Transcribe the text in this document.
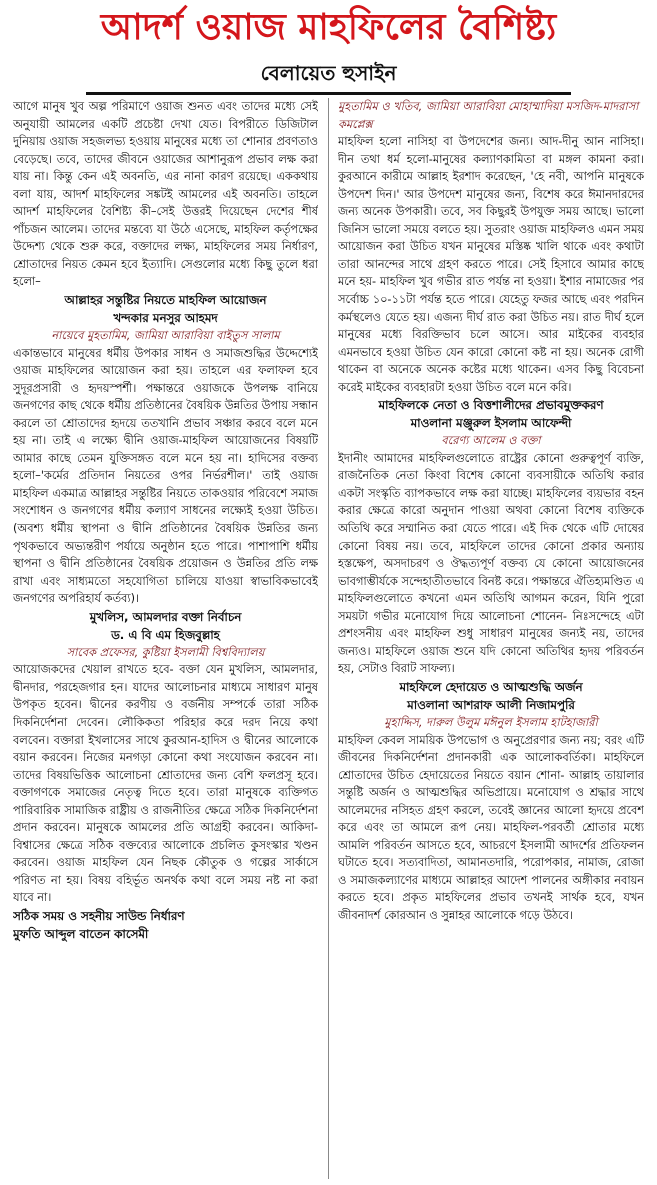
আদর্শ ওয়াজ মাহফিলের বৈশিষ্ট্য

বেলায়েত হুসাইন

আগে মানুষ খুব অল্প পরিমাণে ওয়াজ শুনত এবং তাদের মধ্যে সেই অনুযায়ী আমলের একটি প্রচেষ্টা দেখা যেত। বিপরীতে ডিজিটাল দুনিয়ায় ওয়াজ সহজলভ্য হওয়ায় মানুষের মধ্যে তা শোনার প্রবণতাও বেড়েছে। তবে, তাদের জীবনে ওয়াজের আশানুরূপ প্রভাব লক্ষ করা যায় না। কিন্তু কেন এই অবনতি, এর নানা কারণ রয়েছে। এককথায় বলা যায়, আদর্শ মাহফিলের সঙ্কটই আমলের এই অবনতি। তাহলে আদর্শ মাহফিলের বৈশিষ্ট্য কী–সেই উত্তরই দিয়েছেন দেশের শীর্ষ পাঁচজন আলেম। তাদের মন্তব্যে যা উঠে এসেছে, মাহফিল কর্তৃপক্ষের উদ্দেশ্য থেকে শুরু করে, বক্তাদের লক্ষ্য, মাহফিলের সময় নির্ধারণ, শ্রোতাদের নিয়ত কেমন হবে ইত্যাদি। সেগুলোর মধ্যে কিছু তুলে ধরা হলো–

আল্লাহর সন্তুষ্টির নিয়তে মাহফিল আয়োজন

খন্দকার মনসুর আহমদ

নায়েবে মুহতামিম, জামিয়া আরাবিয়া বাইতুস সালাম

একান্তভাবে মানুষের ধর্মীয় উপকার সাধন ও সমাজশুদ্ধির উদ্দেশ্যেই ওয়াজ মাহফিলের আয়োজন করা হয়। তাহলে এর ফলাফল হবে সুদূরপ্রসারী ও হৃদয়স্পর্শী। পক্ষান্তরে ওয়াজকে উপলক্ষ বানিয়ে জনগণের কাছ থেকে ধর্মীয় প্রতিষ্ঠানের বৈষয়িক উন্নতির উপায় সন্ধান করলে তা শ্রোতাদের হৃদয়ে ততখানি প্রভাব সঞ্চার করবে বলে মনে হয় না। তাই এ লক্ষ্যে দ্বীনি ওয়াজ-মাহফিল আয়োজনের বিষয়টি আমার কাছে তেমন যুক্তিসঙ্গত বলে মনে হয় না। হাদিসের বক্তব্য হলো–'কর্মের প্রতিদান নিয়তের ওপর নির্ভরশীল।' তাই ওয়াজ মাহফিল একমাত্র আল্লাহর সন্তুষ্টির নিয়তে তাকওয়ার পরিবেশে সমাজ সংশোধন ও জনগণের ধর্মীয় কল্যাণ সাধনের লক্ষ্যেই হওয়া উচিত। (অবশ্য ধর্মীয় স্থাপনা ও দ্বীনি প্রতিষ্ঠানের বৈষয়িক উন্নতির জন্য পৃথকভাবে অভ্যন্তরীণ পর্যায়ে অনুষ্ঠান হতে পারে। পাশাপাশি ধর্মীয় স্থাপনা ও দ্বীনি প্রতিষ্ঠানের বৈষয়িক প্রয়োজন ও উন্নতির প্রতি লক্ষ রাখা এবং সাধ্যমতো সহযোগিতা চালিয়ে যাওয়া স্বাভাবিকভাবেই জনগণের অপরিহার্য কর্তব্য)।

মুখলিস, আমলদার বক্তা নির্বাচন

ড. এ বি এম হিজবুল্লাহ

সাবেক প্রফেসর, কুষ্টিয়া ইসলামী বিশ্ববিদ্যালয়

আয়োজকদের খেয়াল রাখতে হবে- বক্তা যেন মুখলিস, আমলদার, দ্বীনদার, পরহেজগার হন। যাদের আলোচনার মাধ্যমে সাধারণ মানুষ উপকৃত হবেন। দ্বীনের করণীয় ও বর্জনীয় সম্পর্কে তারা সঠিক দিকনির্দেশনা দেবেন। লৌকিকতা পরিহার করে দরদ নিয়ে কথা বলবেন। বক্তারা ইখলাসের সাথে কুরআন-হাদিস ও দ্বীনের আলোকে বয়ান করবেন। নিজের মনগড়া কোনো কথা সংযোজন করবেন না। তাদের বিষয়ভিত্তিক আলোচনা শ্রোতাদের জন্য বেশি ফলপ্রসূ হবে। বক্তাগণকে সমাজের নেতৃত্ব দিতে হবে। তারা মানুষকে ব্যক্তিগত পারিবারিক সামাজিক রাষ্ট্রীয় ও রাজনীতির ক্ষেত্রে সঠিক দিকনির্দেশনা প্রদান করবেন। মানুষকে আমলের প্রতি আগ্রহী করবেন। আকিদা-বিশ্বাসের ক্ষেত্রে সঠিক বক্তব্যের আলোকে প্রচলিত কুসংস্কার খণ্ডন করবেন। ওয়াজ মাহফিল যেন নিছক কৌতুক ও গল্পের সার্কাসে পরিণত না হয়। বিষয় বহির্ভূত অনর্থক কথা বলে সময় নষ্ট না করা যাবে না।

সঠিক সময় ও সহনীয় সাউন্ড নির্ধারণ

মুফতি আব্দুল বাতেন কাসেমী

মুহতামিম ও খতিব, জামিয়া আরাবিয়া মোহাম্মাদিয়া মসজিদ-মাদরাসা কমপ্লেক্স

মাহফিল হলো নাসিহা বা উপদেশের জন্য। আদ-দীনু আন নাসিহা। দীন তথা ধর্ম হলো-মানুষের কল্যাণকামিতা বা মঙ্গল কামনা করা। কুরআনে কারীমে আল্লাহ ইরশাদ করেছেন, 'হে নবী, আপনি মানুষকে উপদেশ দিন।' আর উপদেশ মানুষের জন্য, বিশেষ করে ঈমানদারদের জন্য অনেক উপকারী। তবে, সব কিছুরই উপযুক্ত সময় আছে। ভালো জিনিস ভালো সময়ে বলতে হয়। সুতরাং ওয়াজ মাহফিলও এমন সময় আয়োজন করা উচিত যখন মানুষের মস্তিষ্ক খালি থাকে এবং কথাটা তারা আনন্দের সাথে গ্রহণ করতে পারে। সেই হিসাবে আমার কাছে মনে হয়- মাহফিল খুব গভীর রাত পর্যন্ত না হওয়া। ইশার নামাজের পর সর্বোচ্চ ১০-১১টা পর্যন্ত হতে পারে। যেহেতু ফজর আছে এবং পরদিন কর্মস্থলেও যেতে হয়। এজন্য দীর্ঘ রাত করা উচিত নয়। রাত দীর্ঘ হলে মানুষের মধ্যে বিরক্তিভাব চলে আসে। আর মাইকের ব্যবহার এমনভাবে হওয়া উচিত যেন কারো কোনো কষ্ট না হয়। অনেক রোগী থাকেন বা অনেকে অনেক কষ্টের মধ্যে থাকেন। এসব কিছু বিবেচনা করেই মাইকের ব্যবহারটা হওয়া উচিত বলে মনে করি।

মাহফিলকে নেতা ও বিত্তশালীদের প্রভাবমুক্তকরণ

মাওলানা মঞ্জুরুল ইসলাম আফেন্দী

বরেণ্য আলেম ও বক্তা

ইদানীং আমাদের মাহফিলগুলোতে রাষ্ট্রের কোনো গুরুত্বপূর্ণ ব্যক্তি, রাজনৈতিক নেতা কিংবা বিশেষ কোনো ব্যবসায়ীকে অতিথি করার একটা সংস্কৃতি ব্যাপকভাবে লক্ষ করা যাচ্ছে। মাহফিলের ব্যয়ভার বহন করার ক্ষেত্রে কারো অনুদান পাওয়া অথবা কোনো বিশেষ ব্যক্তিকে অতিথি করে সম্মানিত করা যেতে পারে। এই দিক থেকে এটি দোষের কোনো বিষয় নয়। তবে, মাহফিলে তাদের কোনো প্রকার অন্যায় হস্তক্ষেপ, অসদাচরণ ও ঔদ্ধত্যপূর্ণ বক্তব্য যে কোনো আয়োজনের ভাবগাম্ভীর্যকে সন্দেহাতীতভাবে বিনষ্ট করে। পক্ষান্তরে ঐতিহ্যমণ্ডিত এ মাহফিলগুলোতে কখনো এমন অতিথি আগমন করেন, যিনি পুরো সময়টা গভীর মনোযোগ দিয়ে আলোচনা শোনেন- নিঃসন্দেহে এটা প্রশংসনীয় এবং মাহফিল শুধু সাধারণ মানুষের জন্যই নয়, তাদের জন্যও। মাহফিলে ওয়াজ শুনে যদি কোনো অতিথির হৃদয় পরিবর্তন হয়, সেটাও বিরাট সাফল্য।

মাহফিলে হেদায়েত ও আত্মশুদ্ধি অর্জন

মাওলানা আশরাফ আলী নিজামপুরি

মুহাদ্দিস, দারুল উলুম মঈনুল ইসলাম হাটহাজারী

মাহফিল কেবল সাময়িক উপভোগ ও অনুপ্রেরণার জন্য নয়; বরং এটি জীবনের দিকনির্দেশনা প্রদানকারী এক আলোকবর্তিকা। মাহফিলে শ্রোতাদের উচিত হেদায়েতের নিয়তে বয়ান শোনা- আল্লাহ তায়ালার সন্তুষ্টি অর্জন ও আত্মশুদ্ধির অভিপ্রায়ে। মনোযোগ ও শ্রদ্ধার সাথে আলেমদের নসিহত গ্রহণ করলে, তবেই জ্ঞানের আলো হৃদয়ে প্রবেশ করে এবং তা আমলে রূপ নেয়। মাহফিল-পরবর্তী শ্রোতার মধ্যে আমলি পরিবর্তন আসতে হবে, আচরণে ইসলামী আদর্শের প্রতিফলন ঘটাতে হবে। সত্যবাদিতা, আমানতদারি, পরোপকার, নামাজ, রোজা ও সমাজকল্যাণের মাধ্যমে আল্লাহর আদেশ পালনের অঙ্গীকার নবায়ন করতে হবে। প্রকৃত মাহফিলের প্রভাব তখনই সার্থক হবে, যখন জীবনাদর্শ কোরআন ও সুন্নাহর আলোকে গড়ে উঠবে।
